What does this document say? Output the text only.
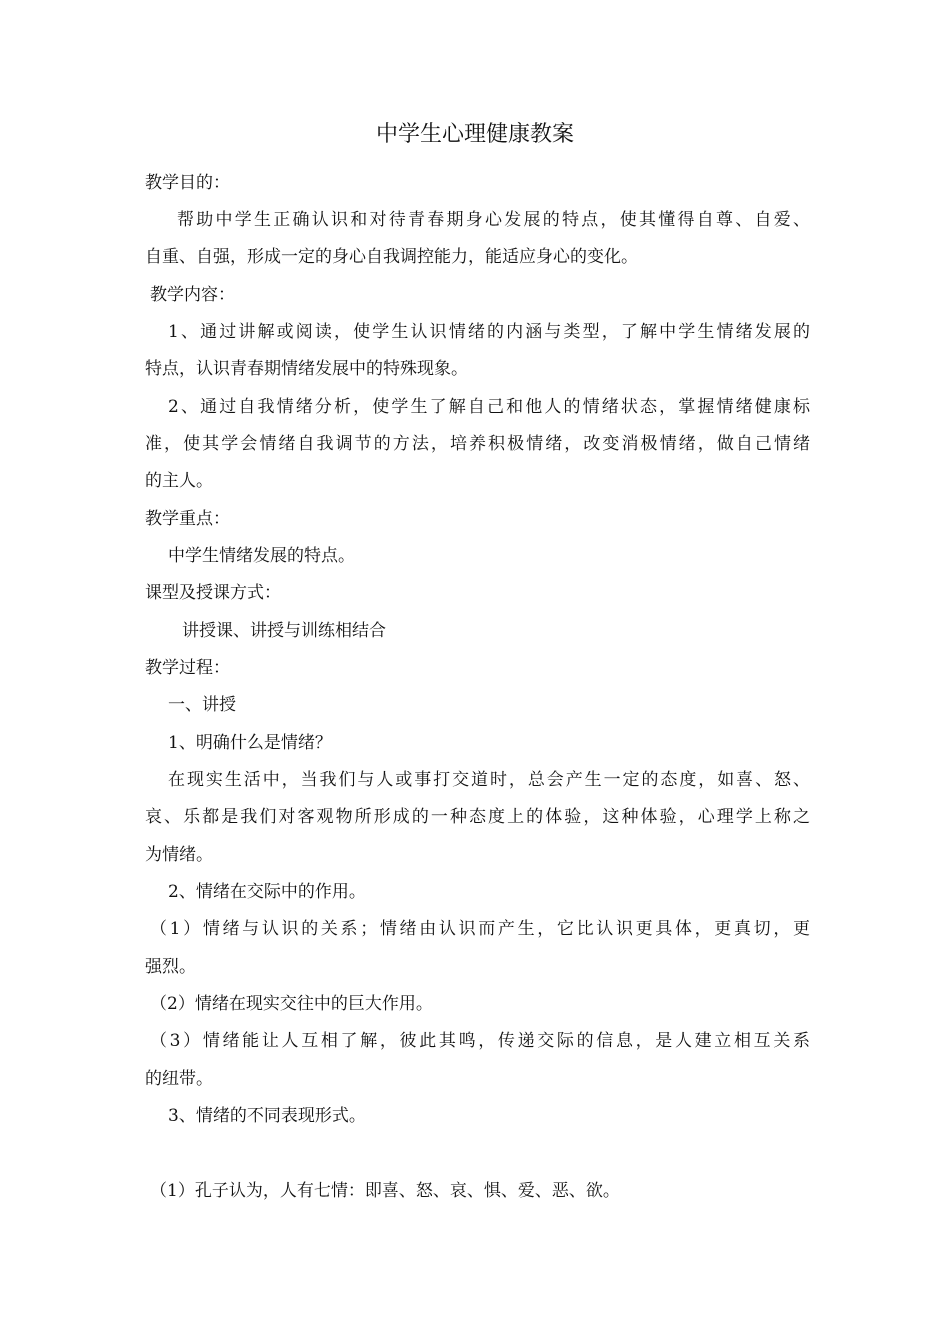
中学生心理健康教案
教学目的：
帮助中学生正确认识和对待青春期身心发展的特点，使其懂得自尊、自爱、
自重、自强，形成一定的身心自我调控能力，能适应身心的变化。
教学内容：
1、通过讲解或阅读，使学生认识情绪的内涵与类型，了解中学生情绪发展的
特点，认识青春期情绪发展中的特殊现象。
2、通过自我情绪分析，使学生了解自己和他人的情绪状态，掌握情绪健康标
准，使其学会情绪自我调节的方法，培养积极情绪，改变消极情绪，做自己情绪
的主人。
教学重点：
中学生情绪发展的特点。
课型及授课方式：
讲授课、讲授与训练相结合
教学过程：
一、讲授
1、明确什么是情绪？
在现实生活中，当我们与人或事打交道时，总会产生一定的态度，如喜、怒、
哀、乐都是我们对客观物所形成的一种态度上的体验，这种体验，心理学上称之
为情绪。
2、情绪在交际中的作用。
（1）情绪与认识的关系；情绪由认识而产生，它比认识更具体，更真切，更
强烈。
（2）情绪在现实交往中的巨大作用。
（3）情绪能让人互相了解，彼此其鸣，传递交际的信息，是人建立相互关系
的纽带。
3、情绪的不同表现形式。
（1）孔子认为，人有七情：即喜、怒、哀、惧、爱、恶、欲。
